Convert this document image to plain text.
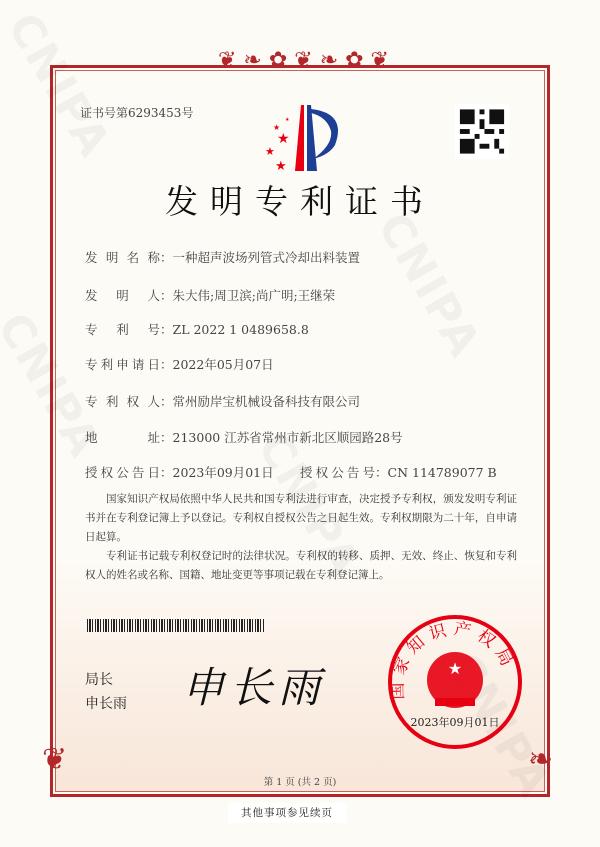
❦ ❧ ✿ ❦ ❧ ✿ ❦
❦	❧
证书号第6293453号
★
★
★
★
★
发明专利证书
发明名称：一种超声波场列管式冷却出料装置
发明人：朱大伟;周卫滨;尚广明;王继荣
专利号：ZL 2022 1 0489658.8
专利申请日：2022年05月07日
专利权人：常州励岸宝机械设备科技有限公司
地址：213000 江苏省常州市新北区顺园路28号
授权公告日：2023年09月01日 授权公告号：CN 114789077 B
国家知识产权局依照中华人民共和国专利法进行审查，决定授予专利权，颁发发明专利证书并在专利登记簿上予以登记。专利权自授权公告之日起生效。专利权期限为二十年，自申请日起算。
专利证书记载专利权登记时的法律状况。专利权的转移、质押、无效、终止、恢复和专利权人的姓名或名称、国籍、地址变更等事项记载在专利登记簿上。
局长
申长雨 申长雨	国家知识产权局
★
2023年09月01日
第 1 页 (共 2 页)
其他事项参见续页
